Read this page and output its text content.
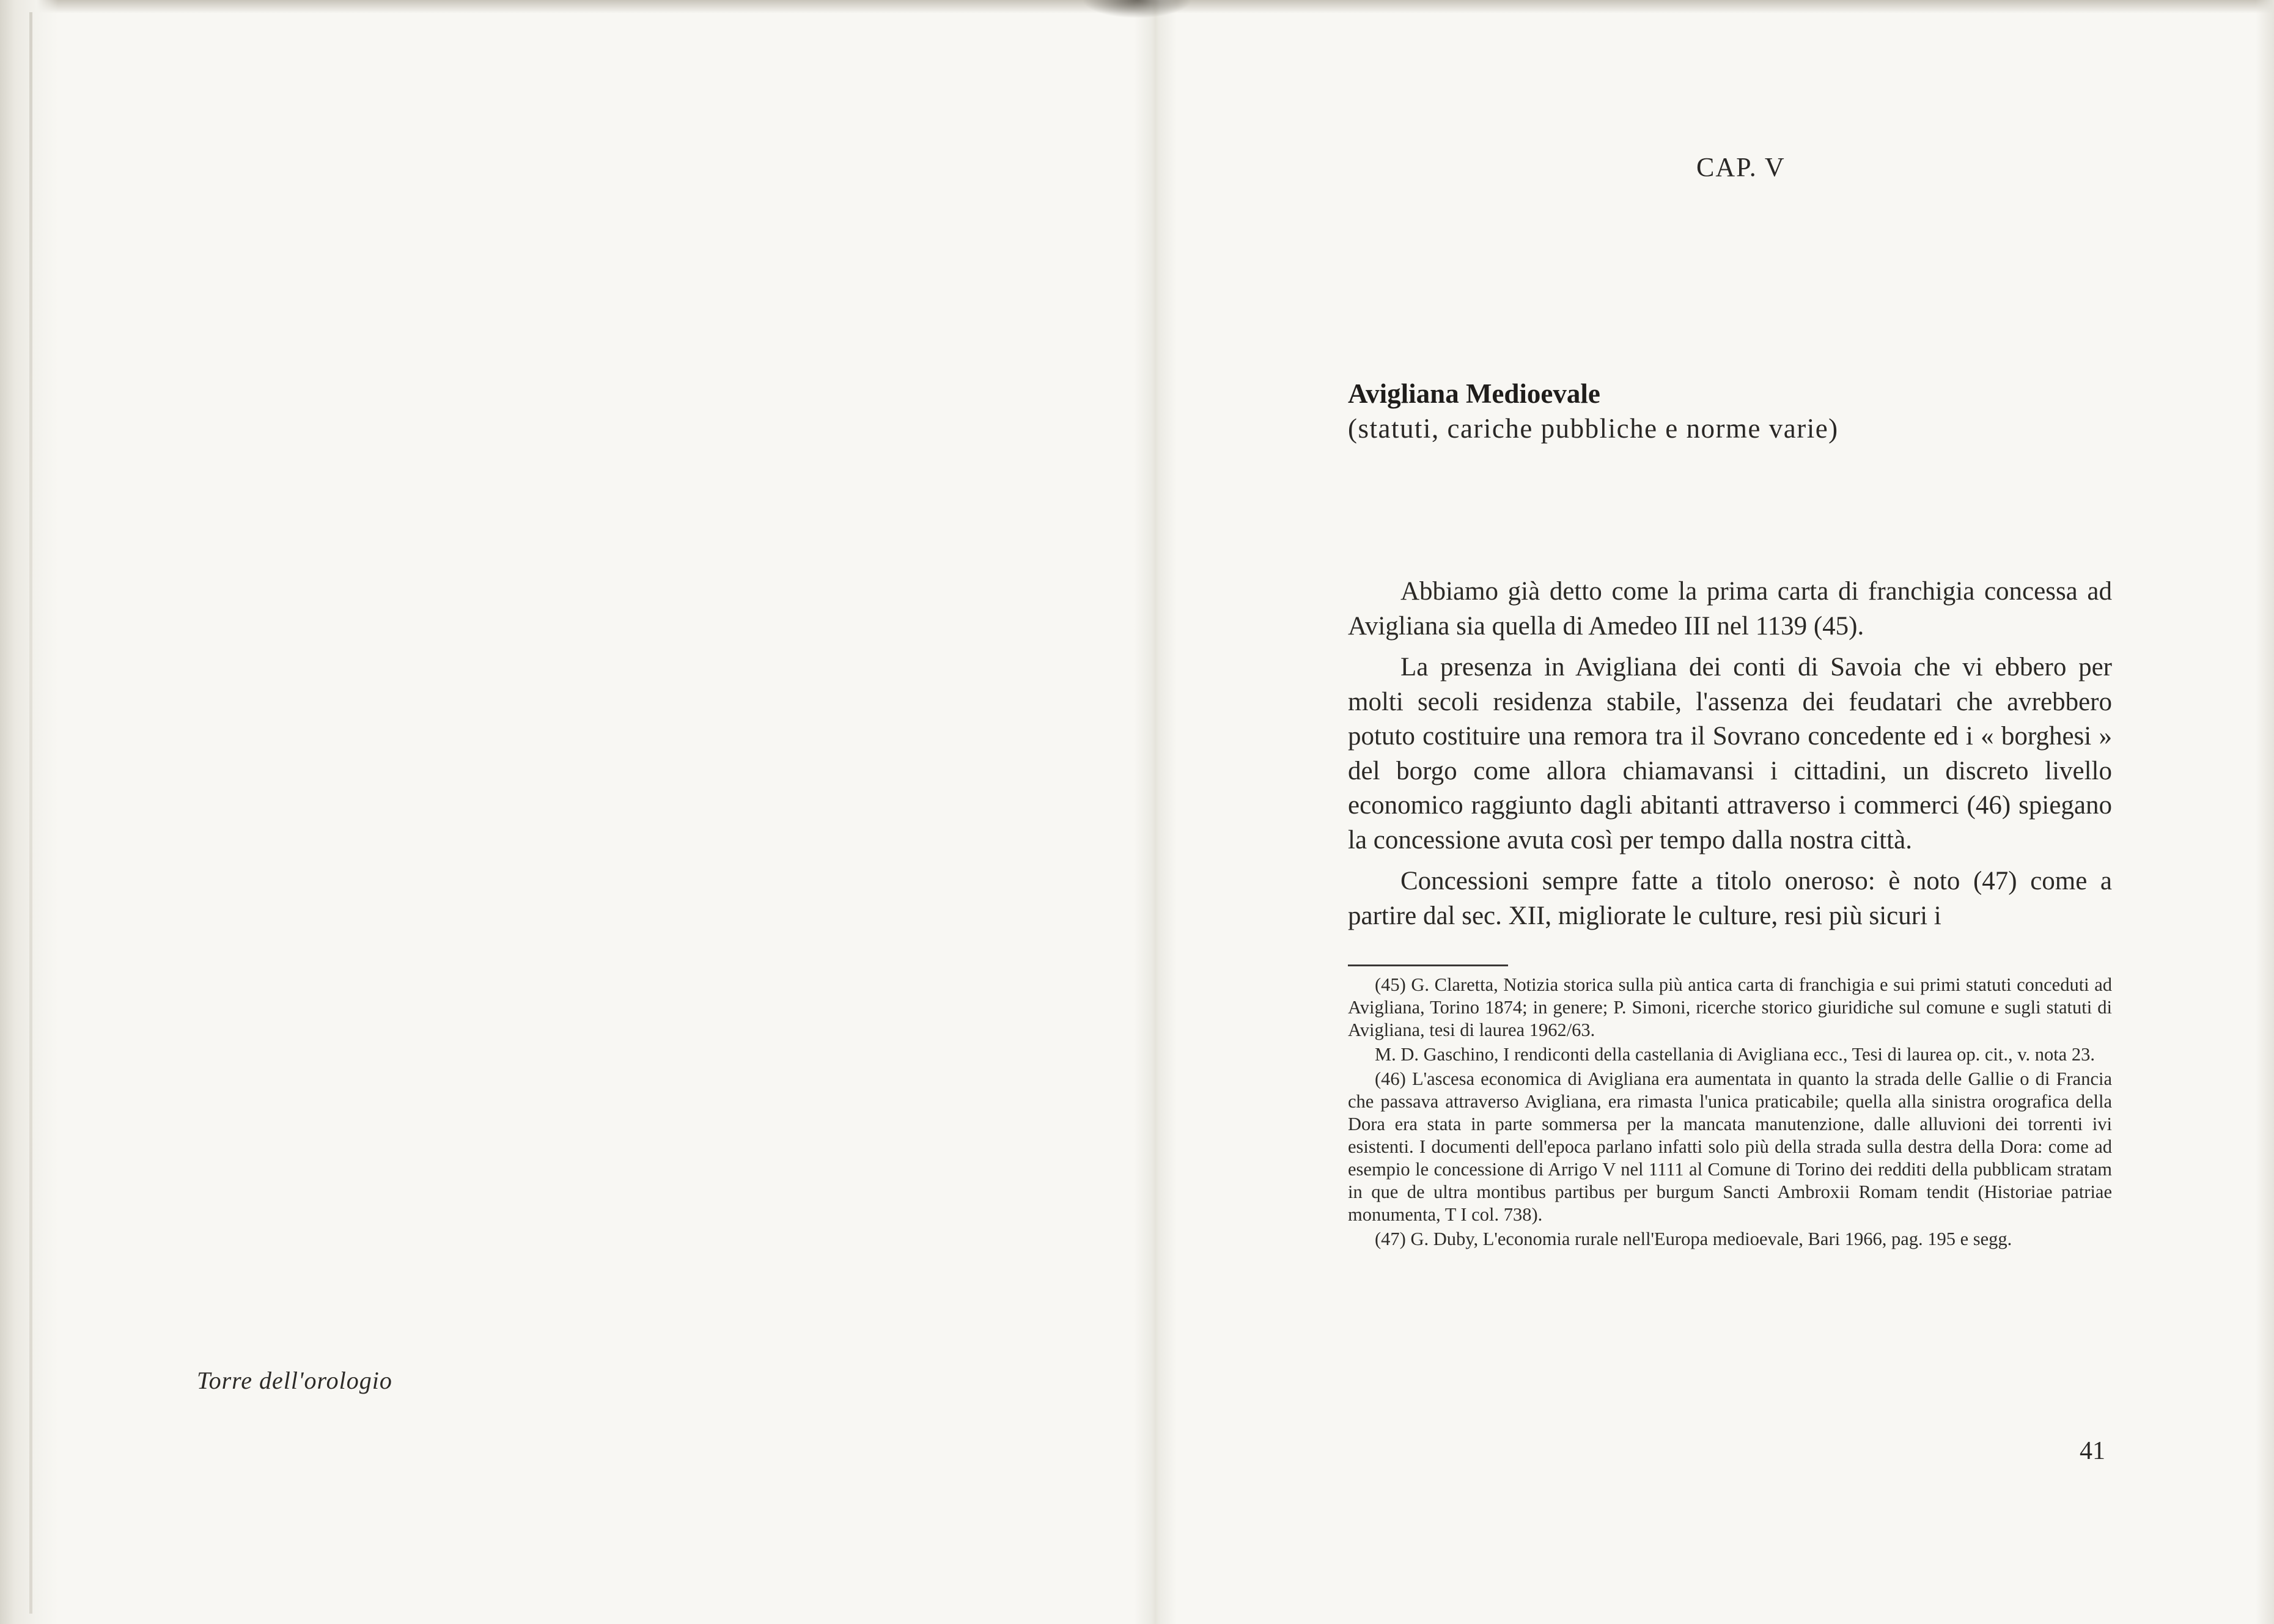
Torre dell'orologio
CAP. V
Avigliana Medioevale
(statuti, cariche pubbliche e norme varie)

Abbiamo già detto come la prima carta di franchigia concessa ad Avigliana sia quella di Amedeo III nel 1139 (45).

La presenza in Avigliana dei conti di Savoia che vi ebbero per molti secoli residenza stabile, l'assenza dei feudatari che avrebbero potuto costituire una remora tra il Sovrano concedente ed i « borghesi » del borgo come allora chiamavansi i cittadini, un discreto livello economico raggiunto dagli abitanti attraverso i commerci (46) spiegano la concessione avuta così per tempo dalla nostra città.

Concessioni sempre fatte a titolo oneroso: è noto (47) come a partire dal sec. XII, migliorate le culture, resi più sicuri i

(45) G. Claretta, Notizia storica sulla più antica carta di franchigia e sui primi statuti conceduti ad Avigliana, Torino 1874; in genere; P. Simoni, ricerche storico giuridiche sul comune e sugli statuti di Avigliana, tesi di laurea 1962/63.

M. D. Gaschino, I rendiconti della castellania di Avigliana ecc., Tesi di laurea op. cit., v. nota 23.

(46) L'ascesa economica di Avigliana era aumentata in quanto la strada delle Gallie o di Francia che passava attraverso Avigliana, era rimasta l'unica praticabile; quella alla sinistra orografica della Dora era stata in parte sommersa per la mancata manutenzione, dalle alluvioni dei torrenti ivi esistenti. I documenti dell'epoca parlano infatti solo più della strada sulla destra della Dora: come ad esempio le concessione di Arrigo V nel 1111 al Comune di Torino dei redditi della pubblicam stratam in que de ultra montibus partibus per burgum Sancti Ambroxii Romam tendit (Historiae patriae monumenta, T I col. 738).

(47) G. Duby, L'economia rurale nell'Europa medioevale, Bari 1966, pag. 195 e segg.

41
